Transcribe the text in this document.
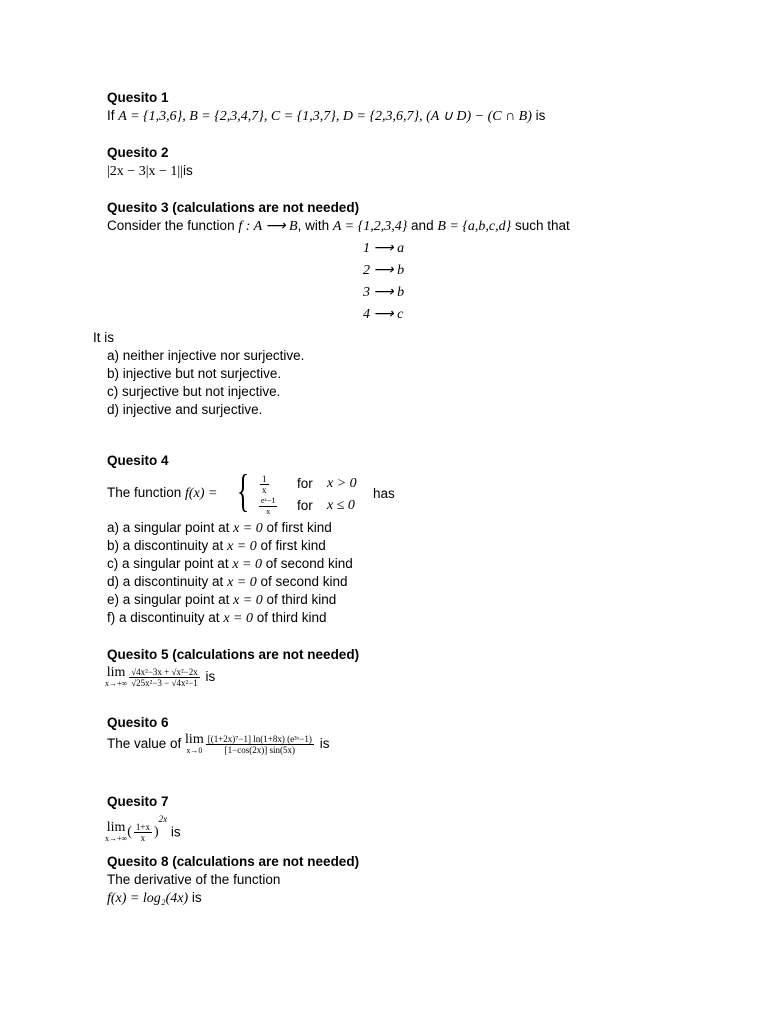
Quesito 1
If A = {1,3,6}, B = {2,3,4,7}, C = {1,3,7}, D = {2,3,6,7}, (A ∪ D) − (C ∩ B) is
Quesito 2
|2x − 3|x − 1||is
Quesito 3 (calculations are not needed)
Consider the function f : A ⟶ B, with A = {1,2,3,4} and B = {a,b,c,d} such that
1 ⟶ a
2 ⟶ b
3 ⟶ b
4 ⟶ c
It is
a) neither injective nor surjective.
b) injective but not surjective.
c) surjective but not injective.
d) injective and surjective.
Quesito 4
The function f(x) = { $\frac{1}{x}$ for x > 0
$\frac{\text{eˣ−1}}{x}$ for x ≤ 0
has
a) a singular point at x = 0 of first kind
b) a discontinuity at x = 0 of first kind
c) a singular point at x = 0 of second kind
d) a discontinuity at x = 0 of second kind
e) a singular point at x = 0 of third kind
f) a discontinuity at x = 0 of third kind
Quesito 5 (calculations are not needed)
lim
$x\to+\infty \frac{\text{√4x²−3x + √x²−2x}}{\text{√25x²−3 − √4x²−1}}$ is
Quesito 6
The value of lim
$x\to 0 \frac{\text{[(1+2x)⁷−1] ln(1+8x) (e³ˣ−1)}}{[1-\cos(2x)] \sin(5x)}$ is
Quesito 7
lim
x→+∞ ( $\frac{1+x}{x} )^{2x}$ is
Quesito 8 (calculations are not needed)
The derivative of the function
f(x) = log₂(4x) is
